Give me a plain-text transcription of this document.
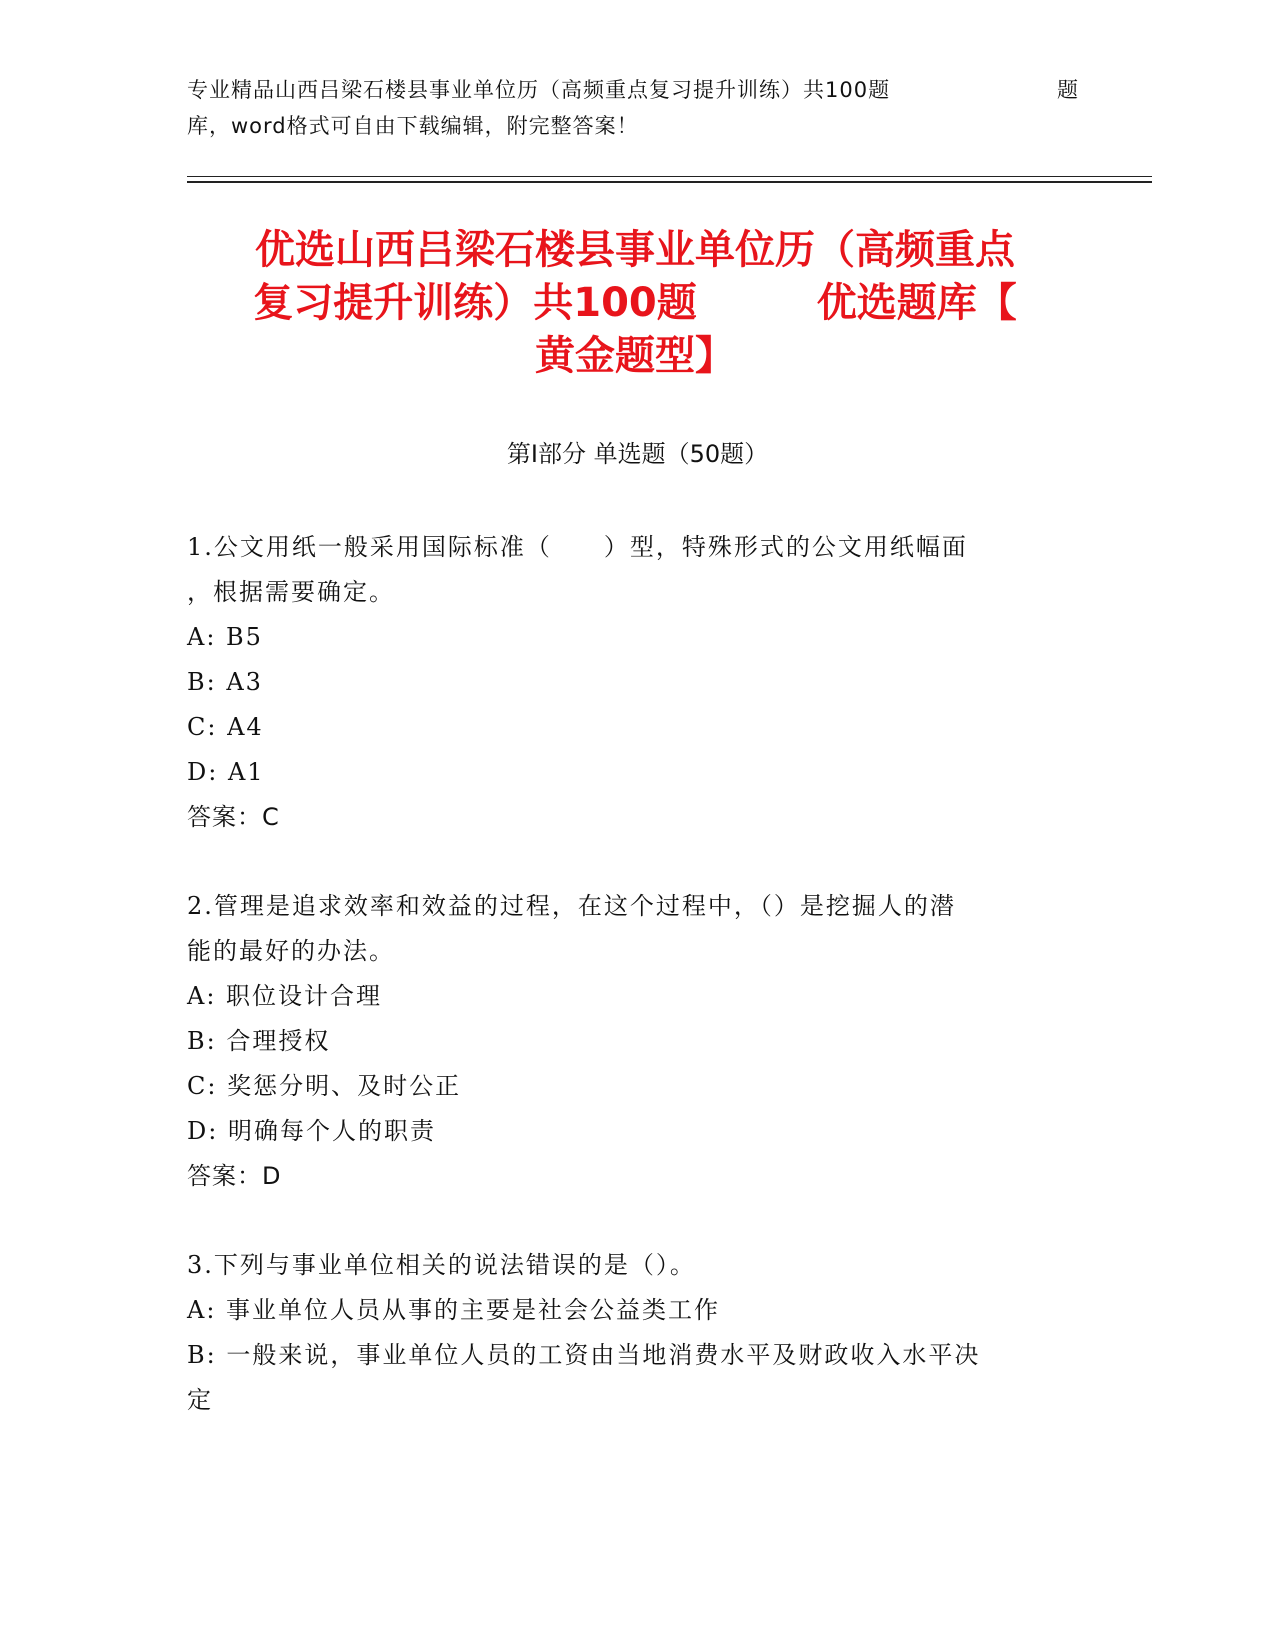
专业精品山西吕梁石楼县事业单位历（高频重点复习提升训练）共100题	题
库，word格式可自由下载编辑，附完整答案！
优选山西吕梁石楼县事业单位历（高频重点
复习提升训练）共100题　　　优选题库【
黄金题型】
第Ⅰ部分 单选题（50题）
1.公文用纸一般采用国际标准（　　）型，特殊形式的公文用纸幅面
，根据需要确定。
A: B5
B: A3
C: A4
D: A1
答案：C
2.管理是追求效率和效益的过程，在这个过程中，（）是挖掘人的潜
能的最好的办法。
A: 职位设计合理
B: 合理授权
C: 奖惩分明、及时公正
D: 明确每个人的职责
答案：D
3.下列与事业单位相关的说法错误的是（）。
A: 事业单位人员从事的主要是社会公益类工作
B: 一般来说，事业单位人员的工资由当地消费水平及财政收入水平决
定
